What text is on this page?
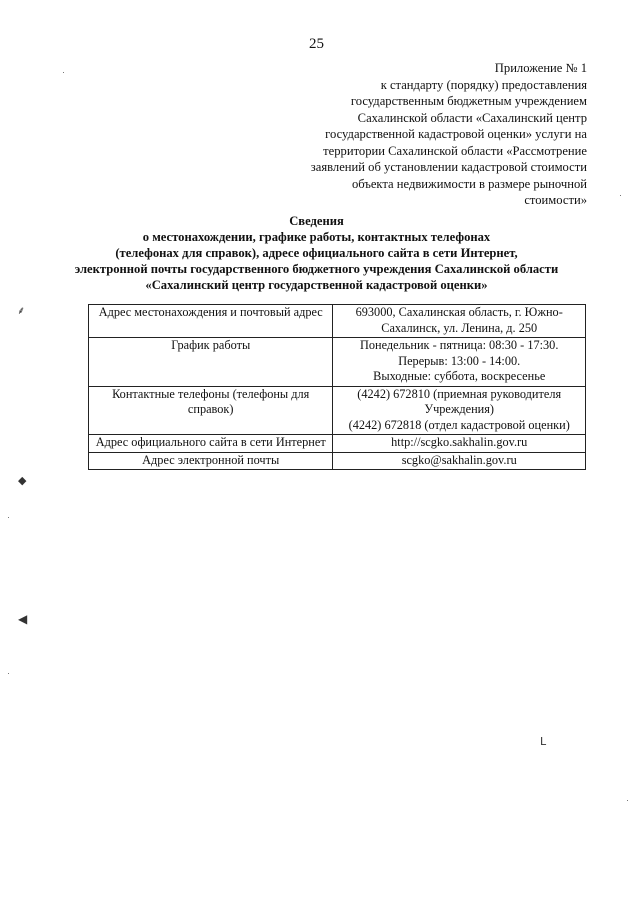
25
Приложение № 1
к стандарту (порядку) предоставления
государственным бюджетным учреждением
Сахалинской области «Сахалинский центр
государственной кадастровой оценки» услуги на
территории Сахалинской области «Рассмотрение
заявлений об установлении кадастровой стоимости
объекта недвижимости в размере рыночной
стоимости»
Сведения
о местонахождении, графике работы, контактных телефонах
(телефонах для справок), адресе официального сайта в сети Интернет,
электронной почты государственного бюджетного учреждения Сахалинской области
«Сахалинский центр государственной кадастровой оценки»
Адрес местонахождения и почтовый адрес	693000, Сахалинская область, г. Южно-
Сахалинск, ул. Ленина, д. 250

График работы	Понедельник - пятница: 08:30 - 17:30.
Перерыв: 13:00 - 14:00.
Выходные: суббота, воскресенье

Контактные телефоны (телефоны для справок)	(4242) 672810 (приемная руководителя
Учреждения)
(4242) 672818 (отдел кадастровой оценки)

Адрес официального сайта в сети Интернет	http://scgko.sakhalin.gov.ru

Адрес электронной почты	scgko@sakhalin.gov.ru
⸙
◆
◀
ᒪ
